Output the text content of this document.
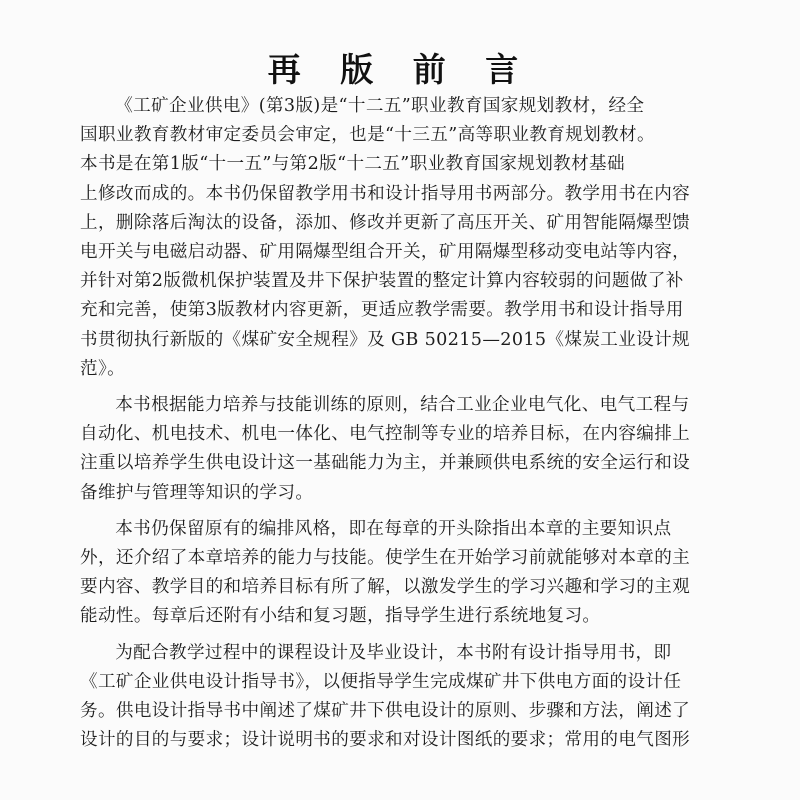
再 版 前 言
《工矿企业供电》(第3版)是“十二五”职业教育国家规划教材，经全
国职业教育教材审定委员会审定，也是“十三五”高等职业教育规划教材。
本书是在第1版“十一五”与第2版“十二五”职业教育国家规划教材基础
上修改而成的。本书仍保留教学用书和设计指导用书两部分。教学用书在内容
上，删除落后淘汰的设备，添加、修改并更新了高压开关、矿用智能隔爆型馈
电开关与电磁启动器、矿用隔爆型组合开关，矿用隔爆型移动变电站等内容，
并针对第2版微机保护装置及井下保护装置的整定计算内容较弱的问题做了补
充和完善，使第3版教材内容更新，更适应教学需要。教学用书和设计指导用
书贯彻执行新版的《煤矿安全规程》及 GB 50215—2015《煤炭工业设计规
范》。
本书根据能力培养与技能训练的原则，结合工业企业电气化、电气工程与
自动化、机电技术、机电一体化、电气控制等专业的培养目标，在内容编排上
注重以培养学生供电设计这一基础能力为主，并兼顾供电系统的安全运行和设
备维护与管理等知识的学习。
本书仍保留原有的编排风格，即在每章的开头除指出本章的主要知识点
外，还介绍了本章培养的能力与技能。使学生在开始学习前就能够对本章的主
要内容、教学目的和培养目标有所了解，以激发学生的学习兴趣和学习的主观
能动性。每章后还附有小结和复习题，指导学生进行系统地复习。
为配合教学过程中的课程设计及毕业设计，本书附有设计指导用书，即
《工矿企业供电设计指导书》，以便指导学生完成煤矿井下供电方面的设计任
务。供电设计指导书中阐述了煤矿井下供电设计的原则、步骤和方法，阐述了
设计的目的与要求；设计说明书的要求和对设计图纸的要求；常用的电气图形
